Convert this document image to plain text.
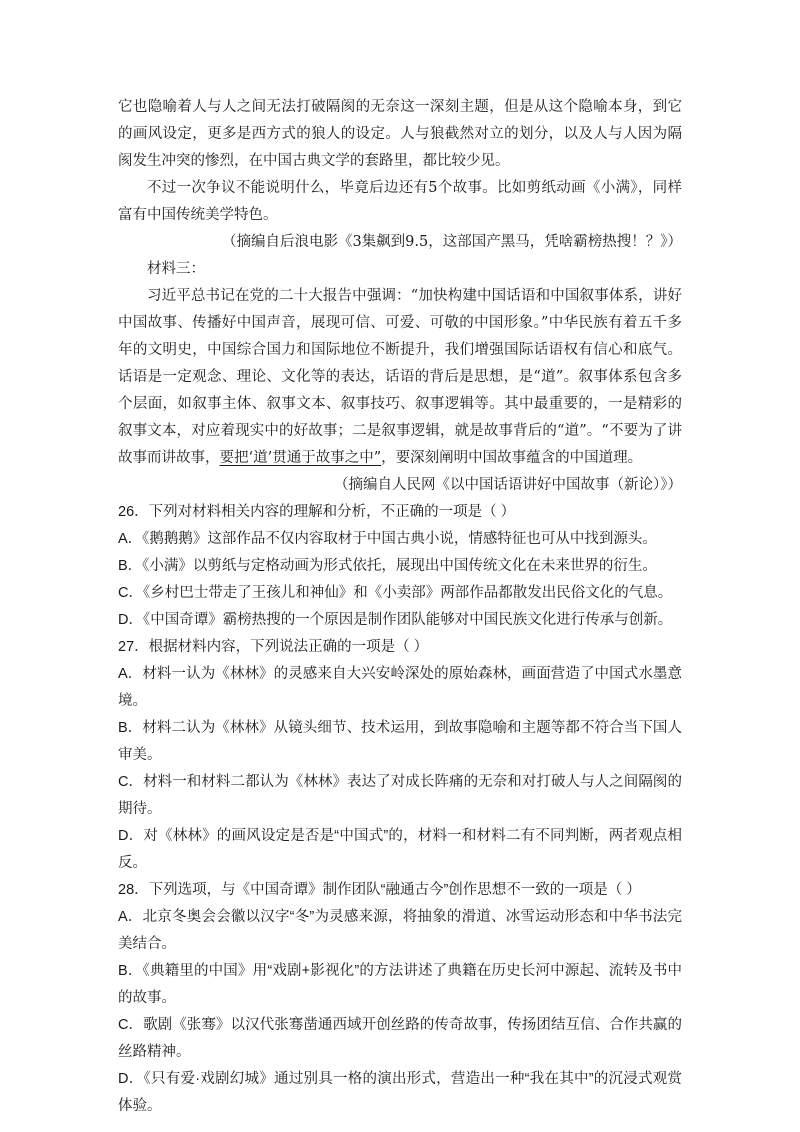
它也隐喻着人与人之间无法打破隔阂的无奈这一深刻主题，但是从这个隐喻本身，到它的画风设定，更多是西方式的狼人的设定。人与狼截然对立的划分，以及人与人因为隔阂发生冲突的惨烈，在中国古典文学的套路里，都比较少见。

不过一次争议不能说明什么，毕竟后边还有5个故事。比如剪纸动画《小满》，同样富有中国传统美学特色。

（摘编自后浪电影《3集飙到9.5，这部国产黑马，凭啥霸榜热搜！？》）

材料三：

习近平总书记在党的二十大报告中强调：“加快构建中国话语和中国叙事体系，讲好中国故事、传播好中国声音，展现可信、可爱、可敬的中国形象。”中华民族有着五千多年的文明史，中国综合国力和国际地位不断提升，我们增强国际话语权有信心和底气。话语是一定观念、理论、文化等的表达，话语的背后是思想，是“道”。叙事体系包含多个层面，如叙事主体、叙事文本、叙事技巧、叙事逻辑等。其中最重要的，一是精彩的叙事文本，对应着现实中的好故事；二是叙事逻辑，就是故事背后的“道”。“不要为了讲故事而讲故事，要把‘道’贯通于故事之中”，要深刻阐明中国故事蕴含的中国道理。

（摘编自人民网《以中国话语讲好中国故事（新论）》）

26．下列对材料相关内容的理解和分析，不正确的一项是（ ）

A．《鹅鹅鹅》这部作品不仅内容取材于中国古典小说，情感特征也可从中找到源头。

B．《小满》以剪纸与定格动画为形式依托，展现出中国传统文化在未来世界的衍生。

C．《乡村巴士带走了王孩儿和神仙》和《小卖部》两部作品都散发出民俗文化的气息。

D．《中国奇谭》霸榜热搜的一个原因是制作团队能够对中国民族文化进行传承与创新。

27．根据材料内容，下列说法正确的一项是（ ）

A．材料一认为《林林》的灵感来自大兴安岭深处的原始森林，画面营造了中国式水墨意境。

B．材料二认为《林林》从镜头细节、技术运用，到故事隐喻和主题等都不符合当下国人审美。

C．材料一和材料二都认为《林林》表达了对成长阵痛的无奈和对打破人与人之间隔阂的期待。

D．对《林林》的画风设定是否是“中国式”的，材料一和材料二有不同判断，两者观点相反。

28．下列选项，与《中国奇谭》制作团队“融通古今”创作思想不一致的一项是（ ）

A．北京冬奥会会徽以汉字“冬”为灵感来源，将抽象的滑道、冰雪运动形态和中华书法完美结合。

B．《典籍里的中国》用“戏剧+影视化”的方法讲述了典籍在历史长河中源起、流转及书中的故事。

C．歌剧《张骞》以汉代张骞凿通西域开创丝路的传奇故事，传扬团结互信、合作共赢的丝路精神。

D．《只有爱·戏剧幻城》通过别具一格的演出形式，营造出一种“我在其中”的沉浸式观赏体验。
